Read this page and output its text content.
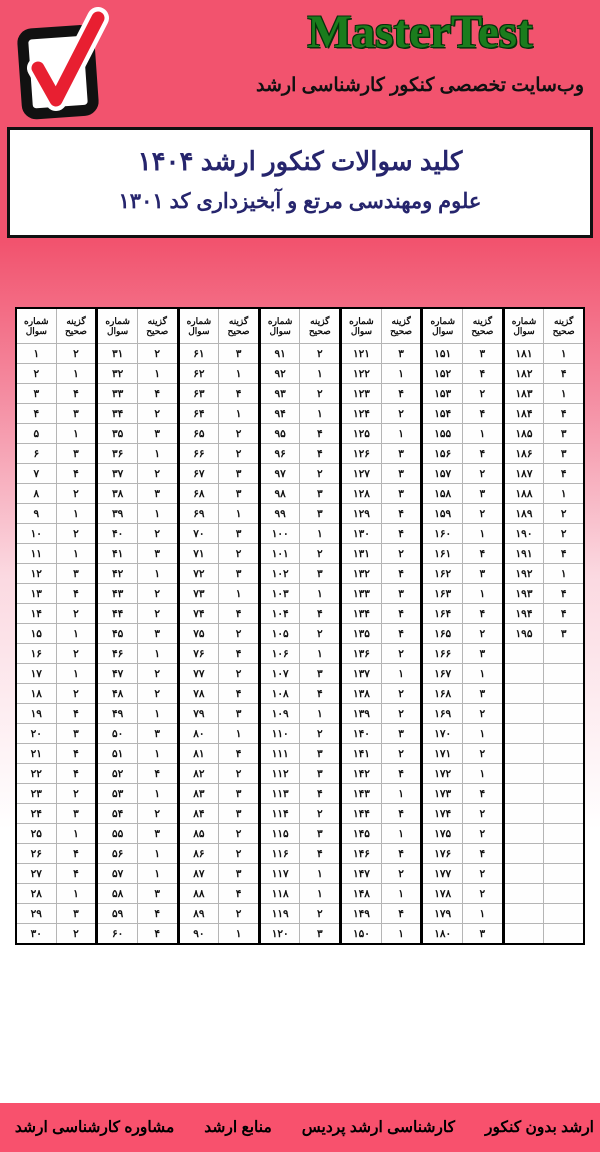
MasterTest
وب‌سایت تخصصی کنکور کارشناسی ارشد
کلید سوالات کنکور ارشد ۱۴۰۴
علوم ومهندسی مرتع و آبخیزداری کد ۱۳۰۱
شماره سوال
گزینه صحیح
۱	۲
۲	۱
۳	۴
۴	۳
۵	۱
۶	۳
۷	۴
۸	۲
۹	۱
۱۰	۲
۱۱	۱
۱۲	۳
۱۳	۴
۱۴	۲
۱۵	۱
۱۶	۲
۱۷	۱
۱۸	۲
۱۹	۴
۲۰	۳
۲۱	۴
۲۲	۴
۲۳	۲
۲۴	۳
۲۵	۱
۲۶	۴
۲۷	۴
۲۸	۱
۲۹	۳
۳۰	۲
شماره سوال
گزینه صحیح
۳۱	۲
۳۲	۱
۳۳	۴
۳۴	۲
۳۵	۳
۳۶	۱
۳۷	۲
۳۸	۳
۳۹	۱
۴۰	۲
۴۱	۳
۴۲	۱
۴۳	۲
۴۴	۲
۴۵	۳
۴۶	۱
۴۷	۲
۴۸	۲
۴۹	۱
۵۰	۳
۵۱	۱
۵۲	۴
۵۳	۱
۵۴	۲
۵۵	۳
۵۶	۱
۵۷	۱
۵۸	۳
۵۹	۴
۶۰	۴
شماره سوال
گزینه صحیح
۶۱	۳
۶۲	۱
۶۳	۴
۶۴	۱
۶۵	۲
۶۶	۲
۶۷	۳
۶۸	۳
۶۹	۱
۷۰	۳
۷۱	۲
۷۲	۳
۷۳	۱
۷۴	۴
۷۵	۲
۷۶	۴
۷۷	۲
۷۸	۴
۷۹	۳
۸۰	۱
۸۱	۴
۸۲	۲
۸۳	۳
۸۴	۳
۸۵	۲
۸۶	۲
۸۷	۳
۸۸	۴
۸۹	۲
۹۰	۱
شماره سوال
گزینه صحیح
۹۱	۲
۹۲	۱
۹۳	۲
۹۴	۱
۹۵	۴
۹۶	۴
۹۷	۲
۹۸	۳
۹۹	۳
۱۰۰	۱
۱۰۱	۲
۱۰۲	۳
۱۰۳	۱
۱۰۴	۴
۱۰۵	۲
۱۰۶	۱
۱۰۷	۳
۱۰۸	۴
۱۰۹	۱
۱۱۰	۲
۱۱۱	۳
۱۱۲	۳
۱۱۳	۴
۱۱۴	۲
۱۱۵	۳
۱۱۶	۴
۱۱۷	۱
۱۱۸	۱
۱۱۹	۲
۱۲۰	۳
شماره سوال
گزینه صحیح
۱۲۱	۳
۱۲۲	۱
۱۲۳	۴
۱۲۴	۲
۱۲۵	۱
۱۲۶	۳
۱۲۷	۳
۱۲۸	۳
۱۲۹	۴
۱۳۰	۴
۱۳۱	۲
۱۳۲	۴
۱۳۳	۳
۱۳۴	۴
۱۳۵	۴
۱۳۶	۲
۱۳۷	۱
۱۳۸	۲
۱۳۹	۲
۱۴۰	۳
۱۴۱	۲
۱۴۲	۴
۱۴۳	۱
۱۴۴	۴
۱۴۵	۱
۱۴۶	۴
۱۴۷	۲
۱۴۸	۱
۱۴۹	۴
۱۵۰	۱
شماره سوال
گزینه صحیح
۱۵۱	۳
۱۵۲	۴
۱۵۳	۲
۱۵۴	۴
۱۵۵	۱
۱۵۶	۴
۱۵۷	۲
۱۵۸	۳
۱۵۹	۲
۱۶۰	۱
۱۶۱	۴
۱۶۲	۳
۱۶۳	۱
۱۶۴	۴
۱۶۵	۲
۱۶۶	۳
۱۶۷	۱
۱۶۸	۳
۱۶۹	۲
۱۷۰	۱
۱۷۱	۲
۱۷۲	۱
۱۷۳	۴
۱۷۴	۲
۱۷۵	۲
۱۷۶	۴
۱۷۷	۲
۱۷۸	۲
۱۷۹	۱
۱۸۰	۳
شماره سوال
گزینه صحیح
۱۸۱	۱
۱۸۲	۴
۱۸۳	۱
۱۸۴	۴
۱۸۵	۳
۱۸۶	۳
۱۸۷	۴
۱۸۸	۱
۱۸۹	۲
۱۹۰	۲
۱۹۱	۴
۱۹۲	۱
۱۹۳	۴
۱۹۴	۴
۱۹۵	۳
ارشد بدون کنکور
کارشناسی ارشد پردیس
منابع ارشد
مشاوره کارشناسی ارشد
